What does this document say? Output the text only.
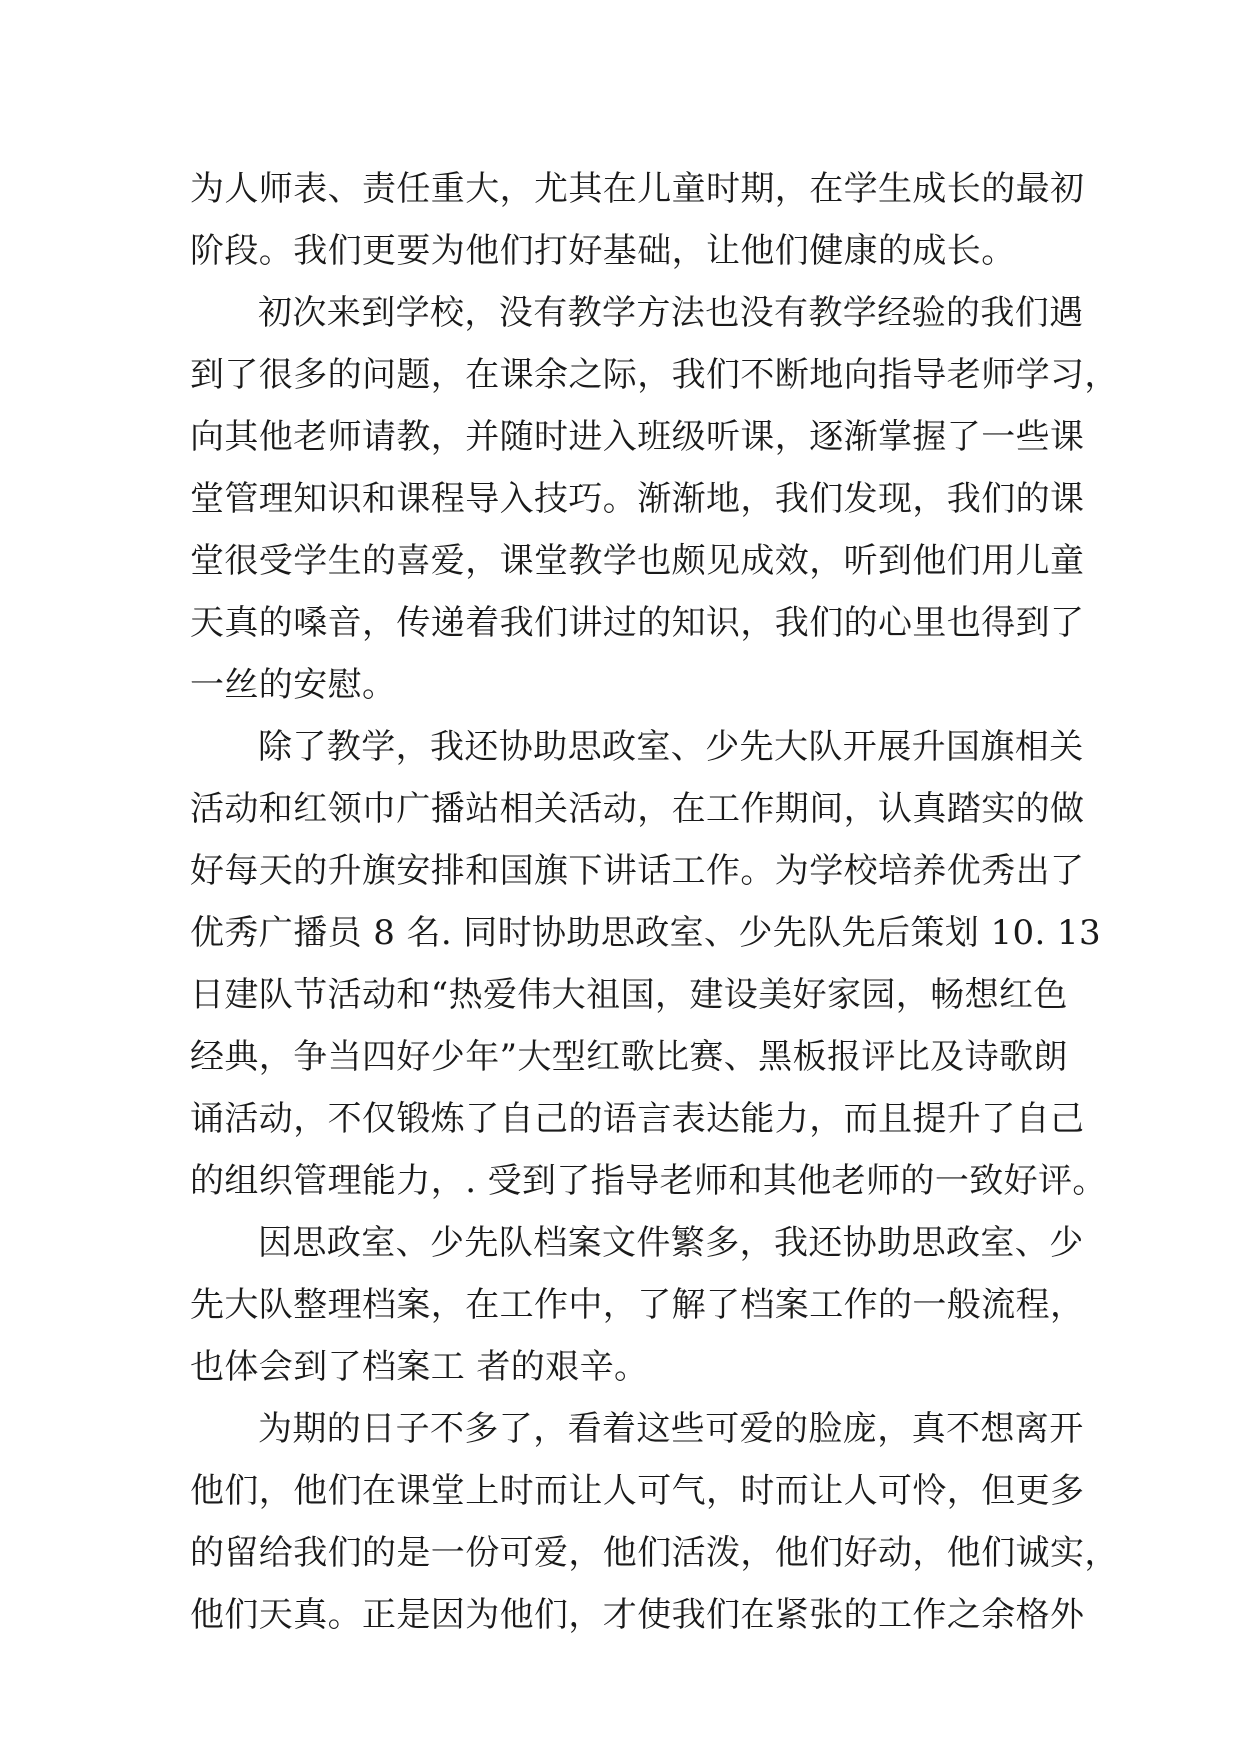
为人师表、责任重大，尤其在儿童时期，在学生成长的最初
阶段。我们更要为他们打好基础，让他们健康的成长。
初次来到学校，没有教学方法也没有教学经验的我们遇
到了很多的问题，在课余之际，我们不断地向指导老师学习，
向其他老师请教，并随时进入班级听课，逐渐掌握了一些课
堂管理知识和课程导入技巧。渐渐地，我们发现，我们的课
堂很受学生的喜爱，课堂教学也颇见成效，听到他们用儿童
天真的嗓音，传递着我们讲过的知识，我们的心里也得到了
一丝的安慰。
除了教学，我还协助思政室、少先大队开展升国旗相关
活动和红领巾广播站相关活动，在工作期间，认真踏实的做
好每天的升旗安排和国旗下讲话工作。为学校培养优秀出了
优秀广播员 8 名. 同时协助思政室、少先队先后策划 10. 13
日建队节活动和“热爱伟大祖国，建设美好家园，畅想红色
经典，争当四好少年”大型红歌比赛、黑板报评比及诗歌朗
诵活动，不仅锻炼了自己的语言表达能力，而且提升了自己
的组织管理能力，. 受到了指导老师和其他老师的一致好评。
因思政室、少先队档案文件繁多，我还协助思政室、少
先大队整理档案，在工作中，了解了档案工作的一般流程，
也体会到了档案工 者的艰辛。
为期的日子不多了，看着这些可爱的脸庞，真不想离开
他们，他们在课堂上时而让人可气，时而让人可怜，但更多
的留给我们的是一份可爱，他们活泼，他们好动，他们诚实，
他们天真。正是因为他们，才使我们在紧张的工作之余格外
